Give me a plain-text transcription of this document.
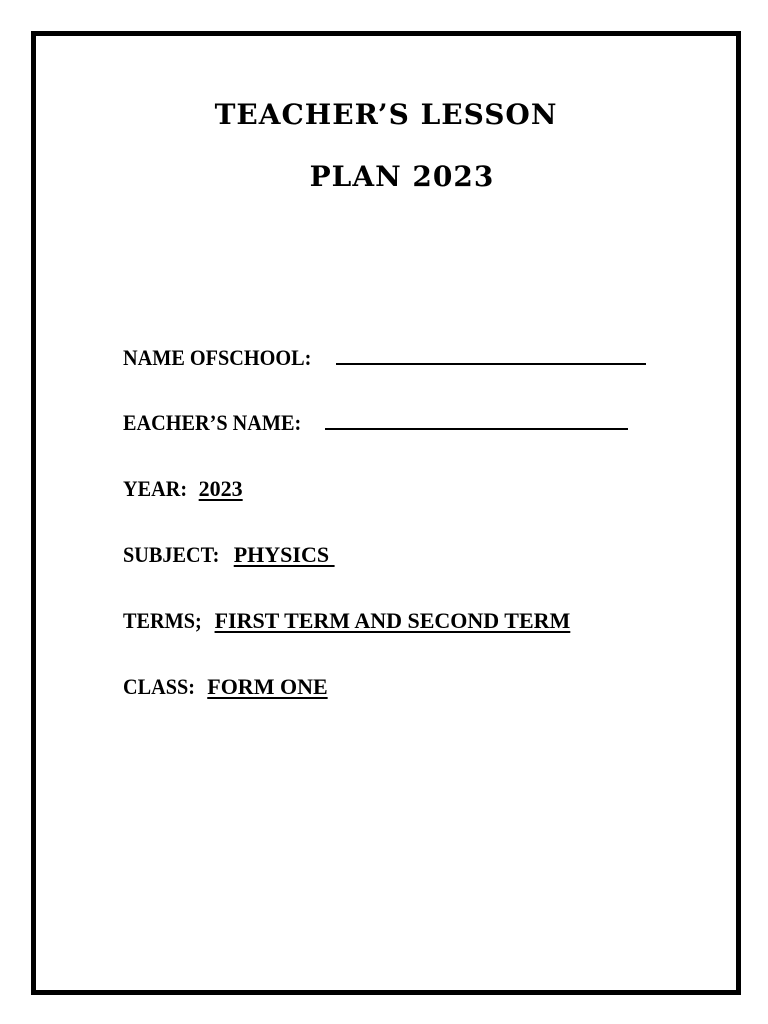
TEACHER’S LESSON
PLAN 2023
NAME OFSCHOOL:
EACHER’S NAME:
YEAR: 2023
SUBJECT: PHYSICS
TERMS; FIRST TERM AND SECOND TERM
CLASS: FORM ONE
